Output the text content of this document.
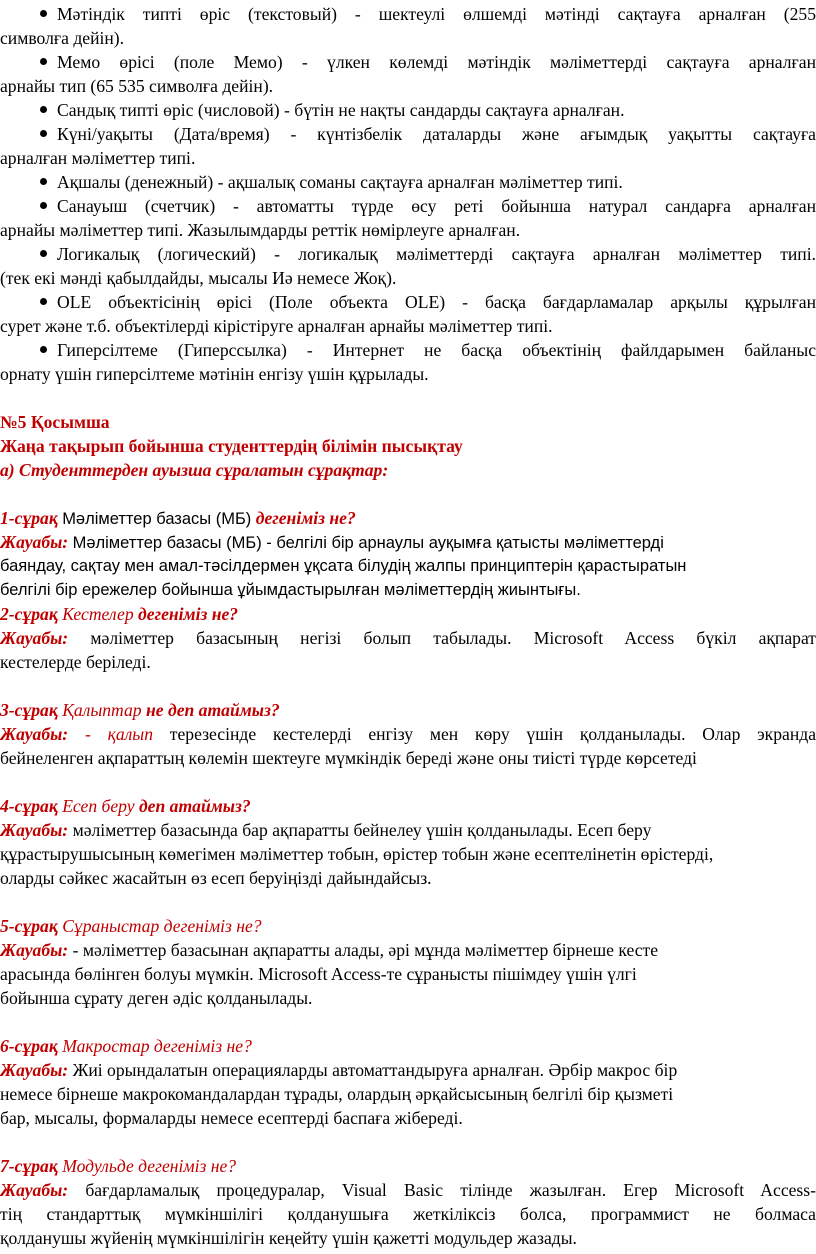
Мәтіндік типті өріс (текстовый) - шектеулі өлшемді мәтінді сақтауға арналған (255
символға дейін).
Мемо өрісі (поле Мемо) - үлкен көлемді мәтіндік мәліметтерді сақтауға арналған
арнайы тип (65 535 символға дейін).
Сандық типті өріс (числовой) - бүтін не нақты сандарды сақтауға арналған.
Күні/уақыты (Дата/время) - күнтізбелік даталарды және ағымдық уақытты сақтауға
арналған мәліметтер типі.
Ақшалы (денежный) - ақшалық соманы сақтауға арналған мәліметтер типі.
Санауыш (счетчик) - автоматты түрде өсу реті бойынша натурал сандарға арналған
арнайы мәліметтер типі. Жазылымдарды реттік нөмірлеуге арналған.
Логикалық (логический) - логикалық мәліметтерді сақтауға арналған мәліметтер типі.
(тек екі мәнді қабылдайды, мысалы Иә немесе Жоқ).
OLE объектісінің өрісі (Поле объекта OLE) - басқа бағдарламалар арқылы құрылған
сурет және т.б. объектілерді кірістіруге арналған арнайы мәліметтер типі.
Гиперсілтеме (Гиперссылка) - Интернет не басқа объектінің файлдарымен байланыс
орнату үшін гиперсілтеме мәтінін енгізу үшін құрылады.
№5 Қосымша
Жаңа тақырып бойынша студенттердің білімін пысықтау
а) Студенттерден ауызша сұралатын сұрақтар:
1-сұрақ Мәліметтер базасы (МБ) дегеніміз не?
Жауабы: Мәліметтер базасы (МБ) - белгілі бір арнаулы ауқымға қатысты мәліметтерді
баяндау, сақтау мен амал-тәсілдермен ұқсата білудің жалпы принциптерін қарастыратын
белгілі бір ережелер бойынша ұйымдастырылған мәліметтердің жиынтығы.
2-сұрақ Кестелер дегеніміз не?
Жауабы: мәліметтер базасының негізі болып табылады. Microsoft Access бүкіл ақпарат
кестелерде беріледі.
3-сұрақ Қалыптар не деп атаймыз?
Жауабы: - қалып терезесінде кестелерді енгізу мен көру үшін қолданылады. Олар экранда
бейнеленген ақпараттың көлемін шектеуге мүмкіндік береді және оны тиісті түрде көрсетеді
4-сұрақ Есеп беру деп атаймыз?
Жауабы: мәліметтер базасында бар ақпаратты бейнелеу үшін қолданылады. Есеп беру
құрастырушысының көмегімен мәліметтер тобын, өрістер тобын және есептелінетін өрістерді,
оларды сәйкес жасайтын өз есеп беруіңізді дайындайсыз.
5-сұрақ Сұраныстар дегеніміз не?
Жауабы: - мәліметтер базасынан ақпаратты алады, әрі мұнда мәліметтер бірнеше кесте
арасында бөлінген болуы мүмкін. Microsoft Access-те сұранысты пішімдеу үшін үлгі
бойынша сұрату деген әдіс қолданылады.
6-сұрақ Макростар дегеніміз не?
Жауабы: Жиі орындалатын операцияларды автоматтандыруға арналған. Әрбір макрос бір
немесе бірнеше макрокомандалардан тұрады, олардың әрқайсысының белгілі бір қызметі
бар, мысалы, формаларды немесе есептерді баспаға жібереді.
7-сұрақ Модульде дегеніміз не?
Жауабы: бағдарламалық процедуралар, Visual Basic тілінде жазылған. Егер Microsoft Access-
тің стандарттық мүмкіншілігі қолданушыға жеткіліксіз болса, программист не болмаса
қолданушы жүйенің мүмкіншілігін кеңейту үшін қажетті модульдер жазады.
